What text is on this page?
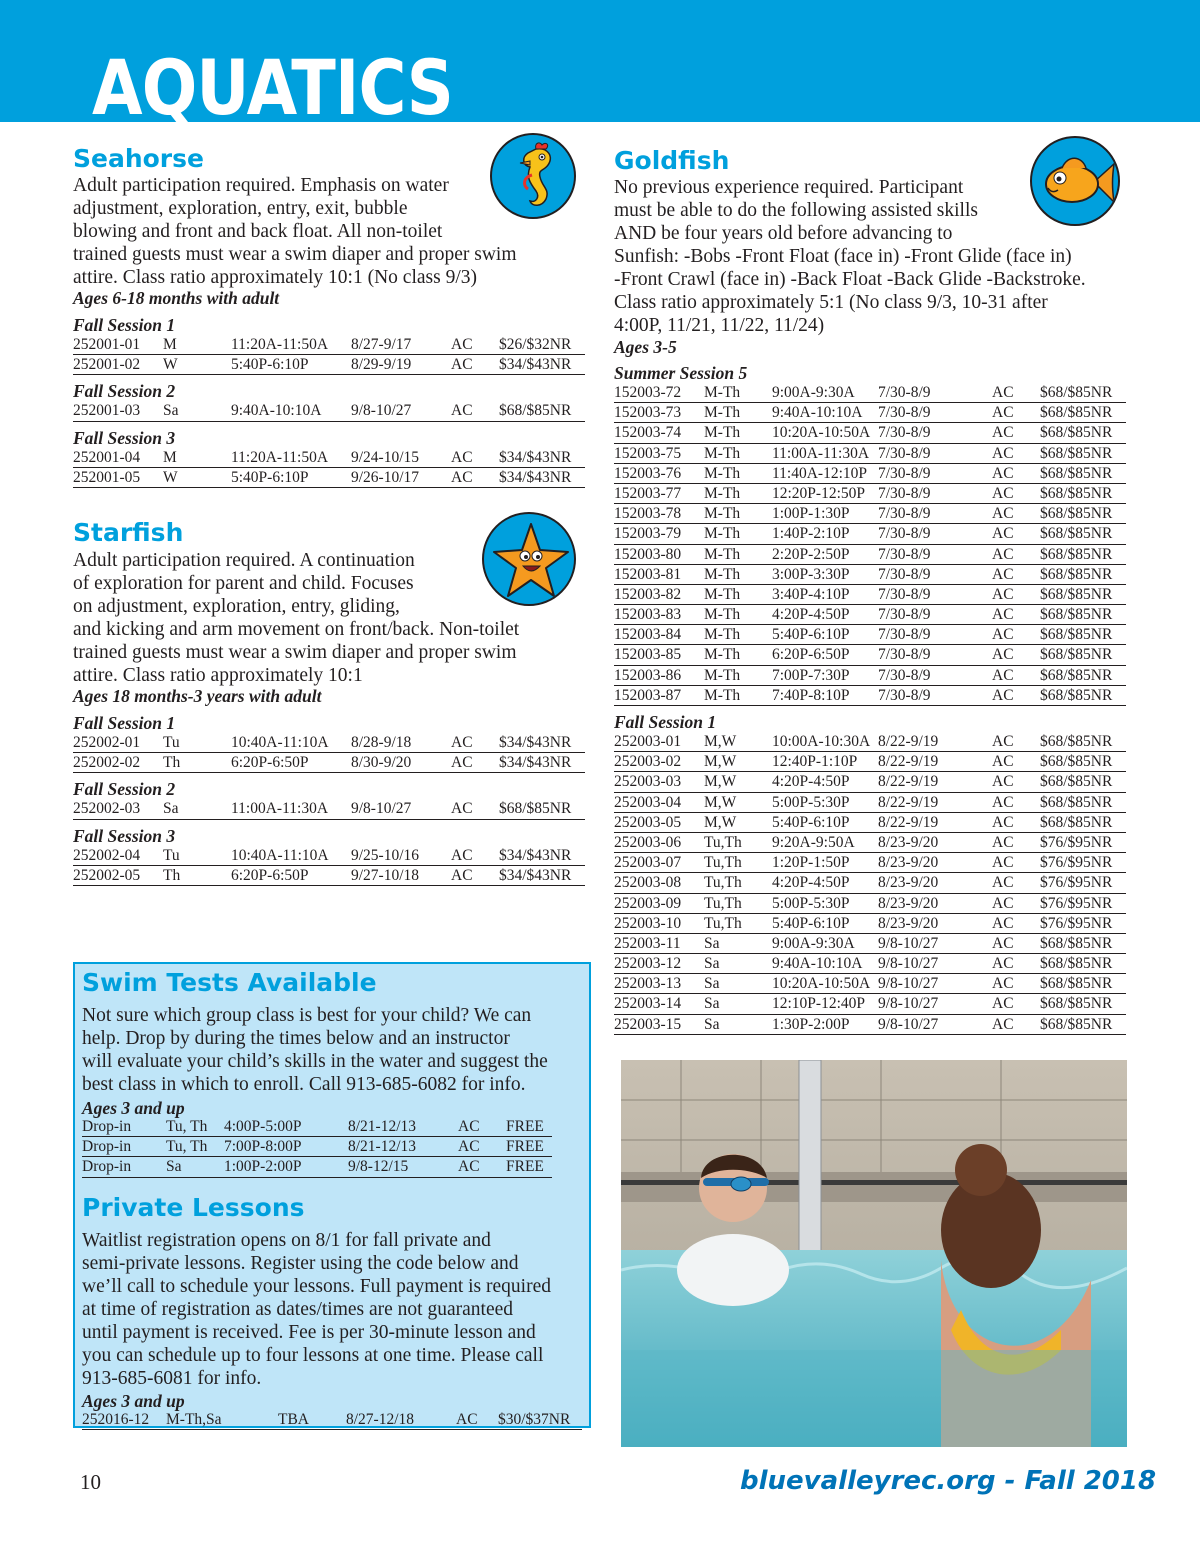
AQUATICS
Seahorse
Adult participation required. Emphasis on water
adjustment, exploration, entry, exit, bubble
blowing and front and back float. All non-toilet
trained guests must wear a swim diaper and proper swim
attire. Class ratio approximately 10:1 (No class 9/3)
Ages 6-18 months with adult
Fall Session 1
252001-01 M	11:20A-11:50A 8/27-9/17	AC $26/$32NR
252001-02 W	5:40P-6:10P	8/29-9/19	AC $34/$43NR
Fall Session 2
252001-03 Sa	9:40A-10:10A 9/8-10/27	AC $68/$85NR
Fall Session 3
252001-04 M	11:20A-11:50A 9/24-10/15 AC $34/$43NR
252001-05 W	5:40P-6:10P	9/26-10/17 AC $34/$43NR
Starfish
Adult participation required. A continuation
of exploration for parent and child. Focuses
on adjustment, exploration, entry, gliding,
and kicking and arm movement on front/back. Non-toilet
trained guests must wear a swim diaper and proper swim
attire. Class ratio approximately 10:1
Ages 18 months-3 years with adult
Fall Session 1
252002-01 Tu	10:40A-11:10A 8/28-9/18	AC $34/$43NR
252002-02 Th	6:20P-6:50P	8/30-9/20	AC $34/$43NR
Fall Session 2
252002-03 Sa	11:00A-11:30A 9/8-10/27	AC $68/$85NR
Fall Session 3
252002-04 Tu	10:40A-11:10A 9/25-10/16 AC $34/$43NR
252002-05 Th	6:20P-6:50P	9/27-10/18 AC $34/$43NR
Goldfish
No previous experience required. Participant
must be able to do the following assisted skills
AND be four years old before advancing to
Sunfish: -Bobs -Front Float (face in) -Front Glide (face in)
-Front Crawl (face in) -Back Float -Back Glide -Backstroke.
Class ratio approximately 5:1 (No class 9/3, 10-31 after
4:00P, 11/21, 11/22, 11/24)
Ages 3-5
Summer Session 5
152003-72 M-Th 9:00A-9:30A 7/30-8/9	AC $68/$85NR
152003-73 M-Th 9:40A-10:10A 7/30-8/9	AC $68/$85NR
152003-74 M-Th 10:20A-10:50A 7/30-8/9	AC $68/$85NR
152003-75 M-Th 11:00A-11:30A 7/30-8/9	AC $68/$85NR
152003-76 M-Th 11:40A-12:10P 7/30-8/9	AC $68/$85NR
152003-77 M-Th 12:20P-12:50P 7/30-8/9	AC $68/$85NR
152003-78 M-Th 1:00P-1:30P 7/30-8/9	AC $68/$85NR
152003-79 M-Th 1:40P-2:10P 7/30-8/9	AC $68/$85NR
152003-80 M-Th 2:20P-2:50P 7/30-8/9	AC $68/$85NR
152003-81 M-Th 3:00P-3:30P 7/30-8/9	AC $68/$85NR
152003-82 M-Th 3:40P-4:10P 7/30-8/9	AC $68/$85NR
152003-83 M-Th 4:20P-4:50P 7/30-8/9	AC $68/$85NR
152003-84 M-Th 5:40P-6:10P 7/30-8/9	AC $68/$85NR
152003-85 M-Th 6:20P-6:50P 7/30-8/9	AC $68/$85NR
152003-86 M-Th 7:00P-7:30P 7/30-8/9	AC $68/$85NR
152003-87 M-Th 7:40P-8:10P 7/30-8/9	AC $68/$85NR
Fall Session 1
252003-01 M,W 10:00A-10:30A 8/22-9/19	AC $68/$85NR
252003-02 M,W 12:40P-1:10P 8/22-9/19	AC $68/$85NR
252003-03 M,W 4:20P-4:50P 8/22-9/19	AC $68/$85NR
252003-04 M,W 5:00P-5:30P 8/22-9/19	AC $68/$85NR
252003-05 M,W 5:40P-6:10P 8/22-9/19	AC $68/$85NR
252003-06 Tu,Th 9:20A-9:50A 8/23-9/20	AC $76/$95NR
252003-07 Tu,Th 1:20P-1:50P 8/23-9/20	AC $76/$95NR
252003-08 Tu,Th 4:20P-4:50P 8/23-9/20	AC $76/$95NR
252003-09 Tu,Th 5:00P-5:30P 8/23-9/20	AC $76/$95NR
252003-10 Tu,Th 5:40P-6:10P 8/23-9/20	AC $76/$95NR
252003-11 Sa	9:00A-9:30A 9/8-10/27	AC $68/$85NR
252003-12 Sa	9:40A-10:10A 9/8-10/27	AC $68/$85NR
252003-13 Sa	10:20A-10:50A 9/8-10/27	AC $68/$85NR
252003-14 Sa	12:10P-12:40P 9/8-10/27	AC $68/$85NR
252003-15 Sa	1:30P-2:00P 9/8-10/27	AC $68/$85NR
Swim Tests Available
Not sure which group class is best for your child? We can
help. Drop by during the times below and an instructor
will evaluate your child’s skills in the water and suggest the
best class in which to enroll. Call 913-685-6082 for info.
Ages 3 and up
Drop-in Tu, Th 4:00P-5:00P	8/21-12/13	AC FREE
Drop-in Tu, Th 7:00P-8:00P	8/21-12/13	AC FREE
Drop-in Sa	1:00P-2:00P	9/8-12/15	AC FREE
Private Lessons
Waitlist registration opens on 8/1 for fall private and
semi-private lessons. Register using the code below and
we’ll call to schedule your lessons. Full payment is required
at time of registration as dates/times are not guaranteed
until payment is received. Fee is per 30-minute lesson and
you can schedule up to four lessons at one time. Please call
913-685-6081 for info.
Ages 3 and up
252016-12 M-Th,Sa	TBA 8/27-12/18	AC $30/$37NR
10	bluevalleyrec.org - Fall 2018
